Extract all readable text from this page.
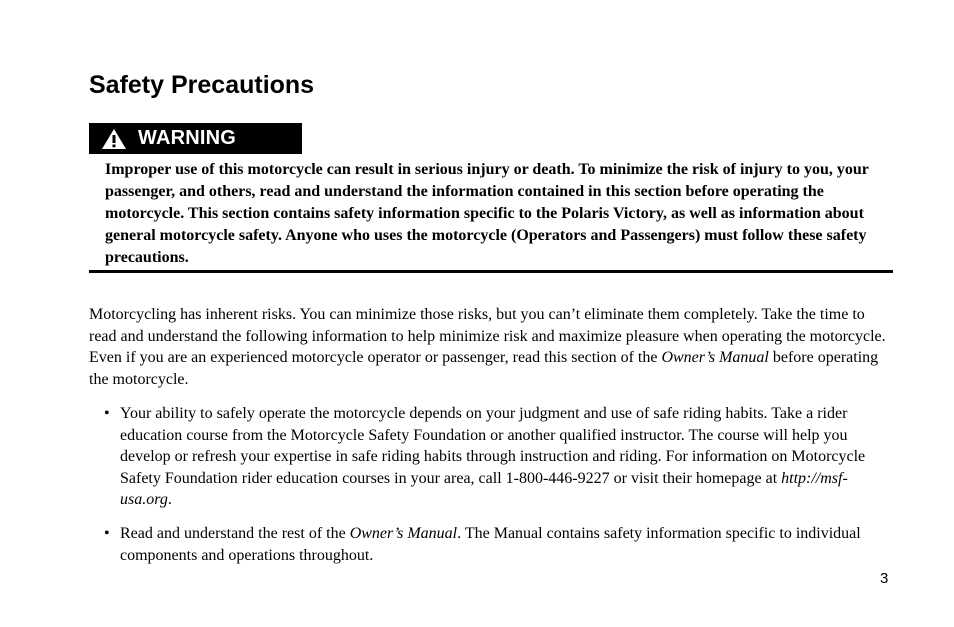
Safety Precautions
WARNING

Improper use of this motorcycle can result in serious injury or death. To minimize the risk of injury to you, your passenger, and others, read and understand the information contained in this section before operating the motorcycle. This section contains safety information specific to the Polaris Victory, as well as information about general motorcycle safety. Anyone who uses the motorcycle (Operators and Passengers) must follow these safety precautions.

Motorcycling has inherent risks. You can minimize those risks, but you can’t eliminate them completely. Take the time to read and understand the following information to help minimize risk and maximize pleasure when operating the motorcycle. Even if you are an experienced motorcycle operator or passenger, read this section of the Owner’s Manual before operating the motorcycle.

• Your ability to safely operate the motorcycle depends on your judgment and use of safe riding habits. Take a rider education course from the Motorcycle Safety Foundation or another qualified instructor. The course will help you develop or refresh your expertise in safe riding habits through instruction and riding. For information on Motorcycle Safety Foundation rider education courses in your area, call 1-800-446-9227 or visit their homepage at http://msf-usa.org.

• Read and understand the rest of the Owner’s Manual. The Manual contains safety information specific to individual components and operations throughout.

3
